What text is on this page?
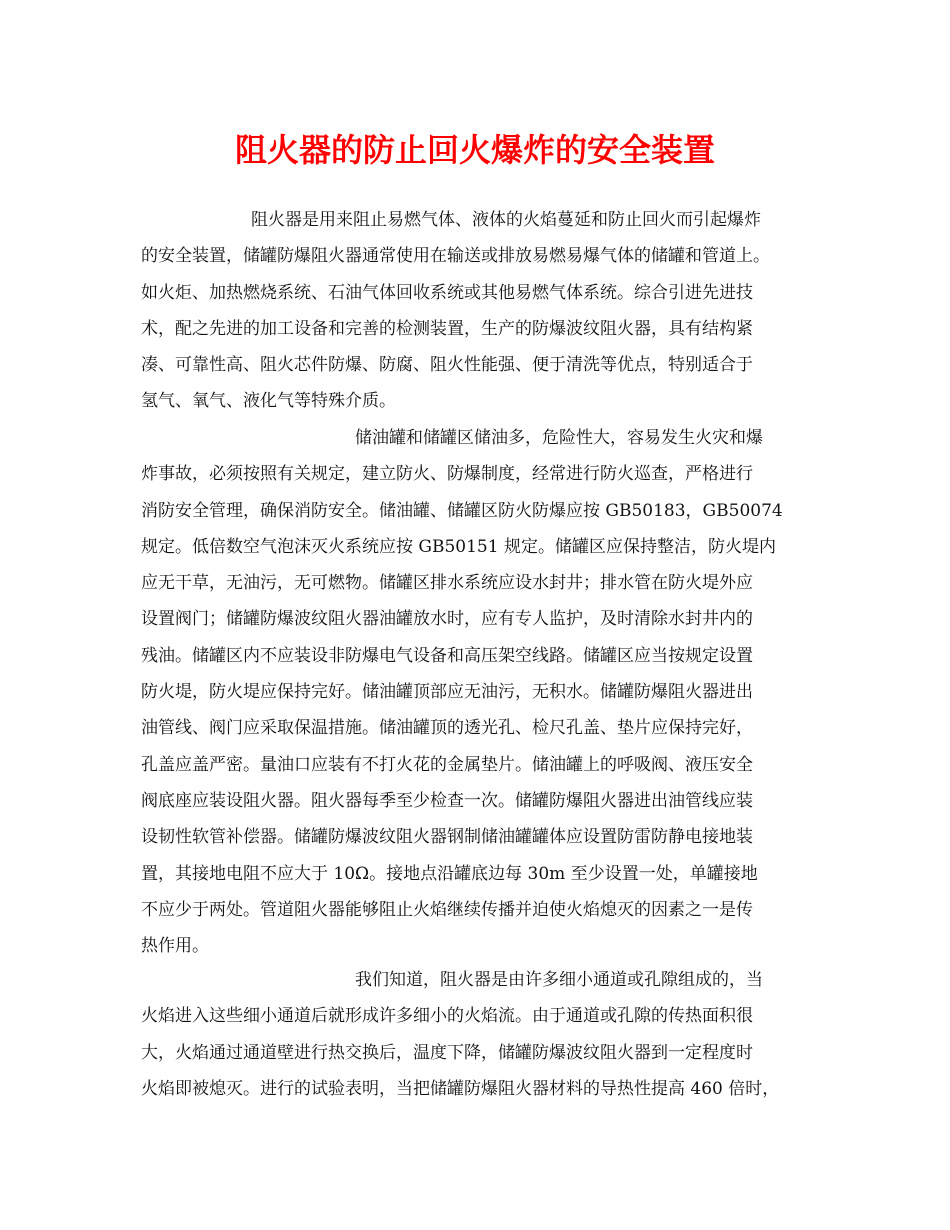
阻火器的防止回火爆炸的安全装置
阻火器是用来阻止易燃气体、液体的火焰蔓延和防止回火而引起爆炸
的安全装置，储罐防爆阻火器通常使用在输送或排放易燃易爆气体的储罐和管道上。
如火炬、加热燃烧系统、石油气体回收系统或其他易燃气体系统。综合引进先进技
术，配之先进的加工设备和完善的检测装置，生产的防爆波纹阻火器，具有结构紧
凑、可靠性高、阻火芯件防爆、防腐、阻火性能强、便于清洗等优点，特别适合于
氢气、氧气、液化气等特殊介质。
储油罐和储罐区储油多，危险性大，容易发生火灾和爆
炸事故，必须按照有关规定，建立防火、防爆制度，经常进行防火巡查，严格进行
消防安全管理，确保消防安全。储油罐、储罐区防火防爆应按 GB50183，GB50074
规定。低倍数空气泡沫灭火系统应按 GB50151 规定。储罐区应保持整洁，防火堤内
应无干草，无油污，无可燃物。储罐区排水系统应设水封井；排水管在防火堤外应
设置阀门；储罐防爆波纹阻火器油罐放水时，应有专人监护，及时清除水封井内的
残油。储罐区内不应装设非防爆电气设备和高压架空线路。储罐区应当按规定设置
防火堤，防火堤应保持完好。储油罐顶部应无油污，无积水。储罐防爆阻火器进出
油管线、阀门应采取保温措施。储油罐顶的透光孔、检尺孔盖、垫片应保持完好，
孔盖应盖严密。量油口应装有不打火花的金属垫片。储油罐上的呼吸阀、液压安全
阀底座应装设阻火器。阻火器每季至少检查一次。储罐防爆阻火器进出油管线应装
设韧性软管补偿器。储罐防爆波纹阻火器钢制储油罐罐体应设置防雷防静电接地装
置，其接地电阻不应大于 10Ω。接地点沿罐底边每 30m 至少设置一处，单罐接地
不应少于两处。管道阻火器能够阻止火焰继续传播并迫使火焰熄灭的因素之一是传
热作用。
我们知道，阻火器是由许多细小通道或孔隙组成的，当
火焰进入这些细小通道后就形成许多细小的火焰流。由于通道或孔隙的传热面积很
大，火焰通过通道壁进行热交换后，温度下降，储罐防爆波纹阻火器到一定程度时
火焰即被熄灭。进行的试验表明，当把储罐防爆阻火器材料的导热性提高 460 倍时，
